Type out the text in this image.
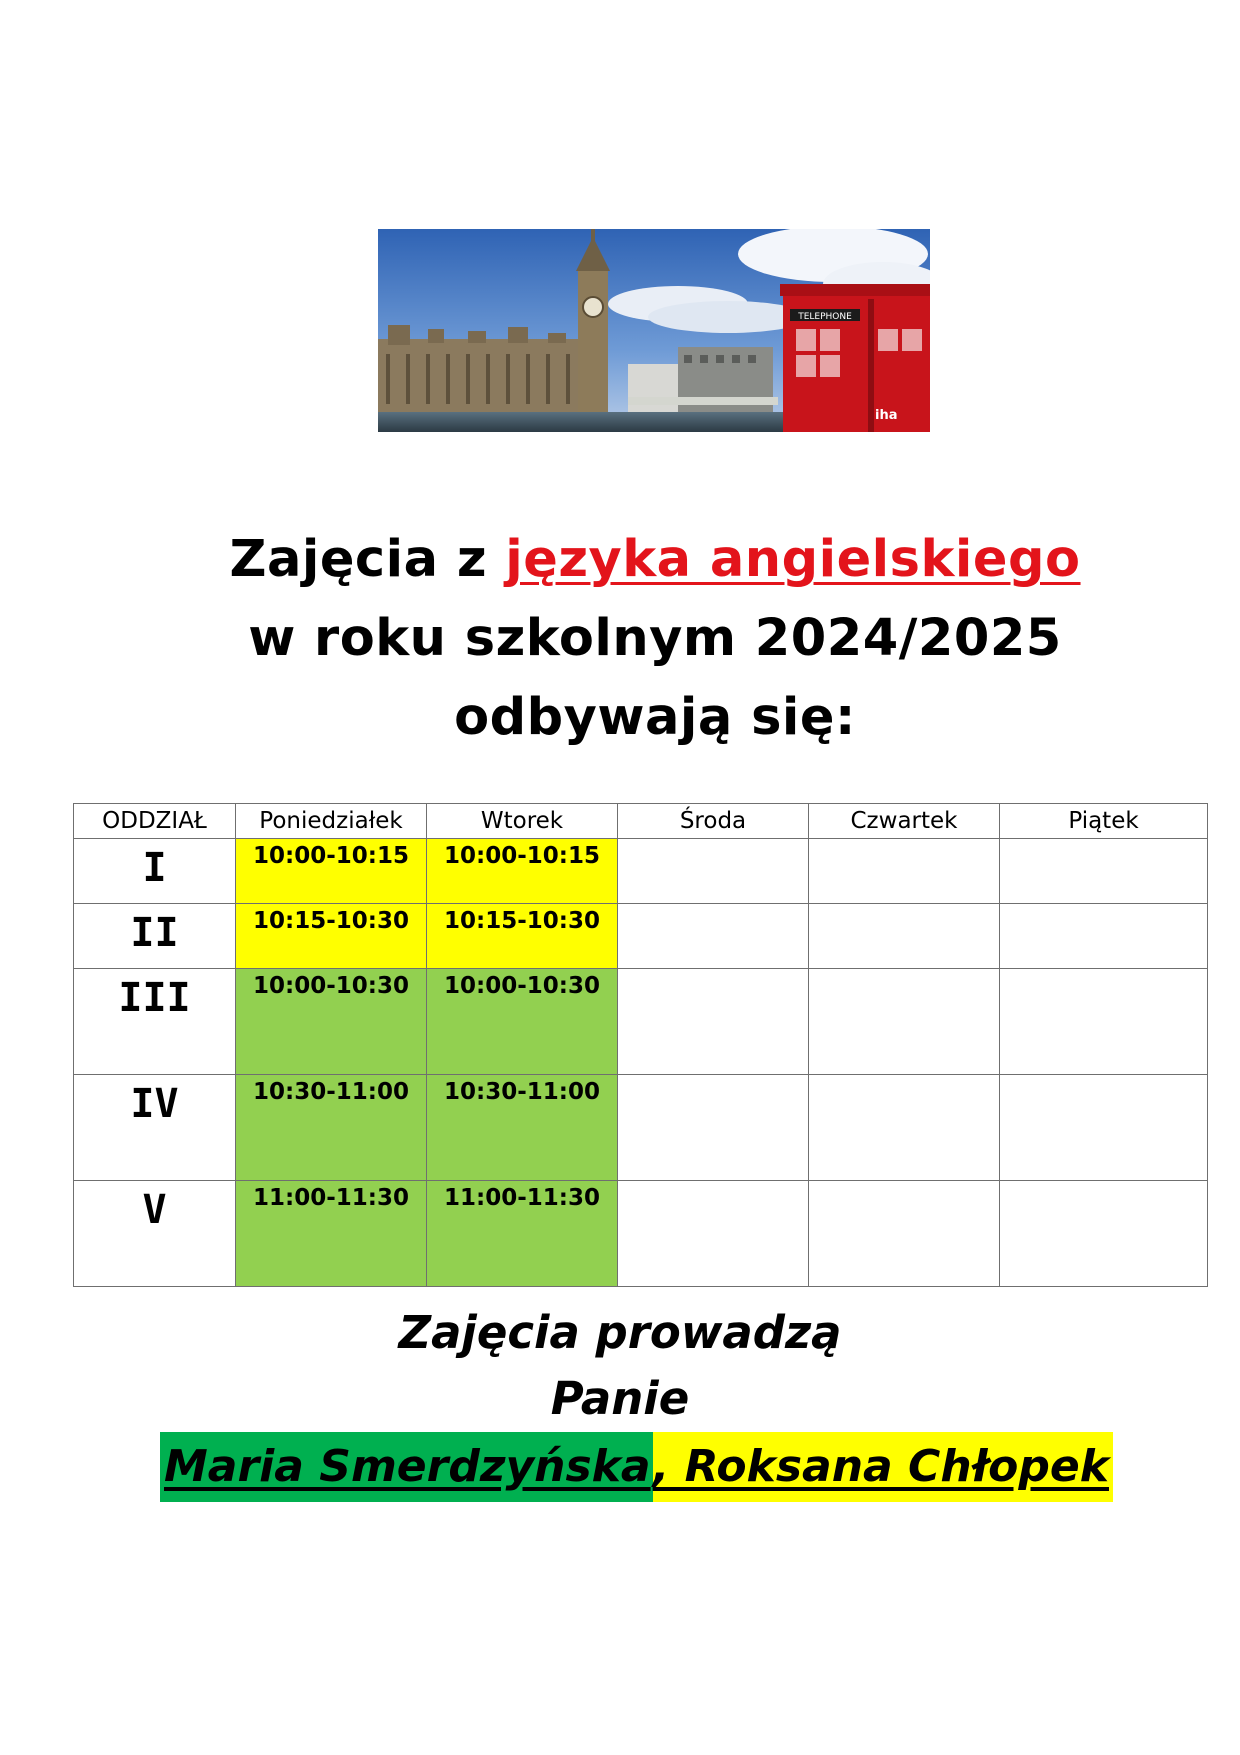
TELEPHONE
iha
Zajęcia z języka angielskiego
w roku szkolnym 2024/2025
odbywają się:
ODDZIAŁ	Poniedziałek	Wtorek	Środa	Czwartek	Piątek
I	10:00-10:15	10:00-10:15			
II	10:15-10:30	10:15-10:30			
III	10:00-10:30	10:00-10:30			
IV	10:30-11:00	10:30-11:00			
V	11:00-11:30	11:00-11:30			
Zajęcia prowadzą
Panie
Maria Smerdzyńska , Roksana Chłopek
